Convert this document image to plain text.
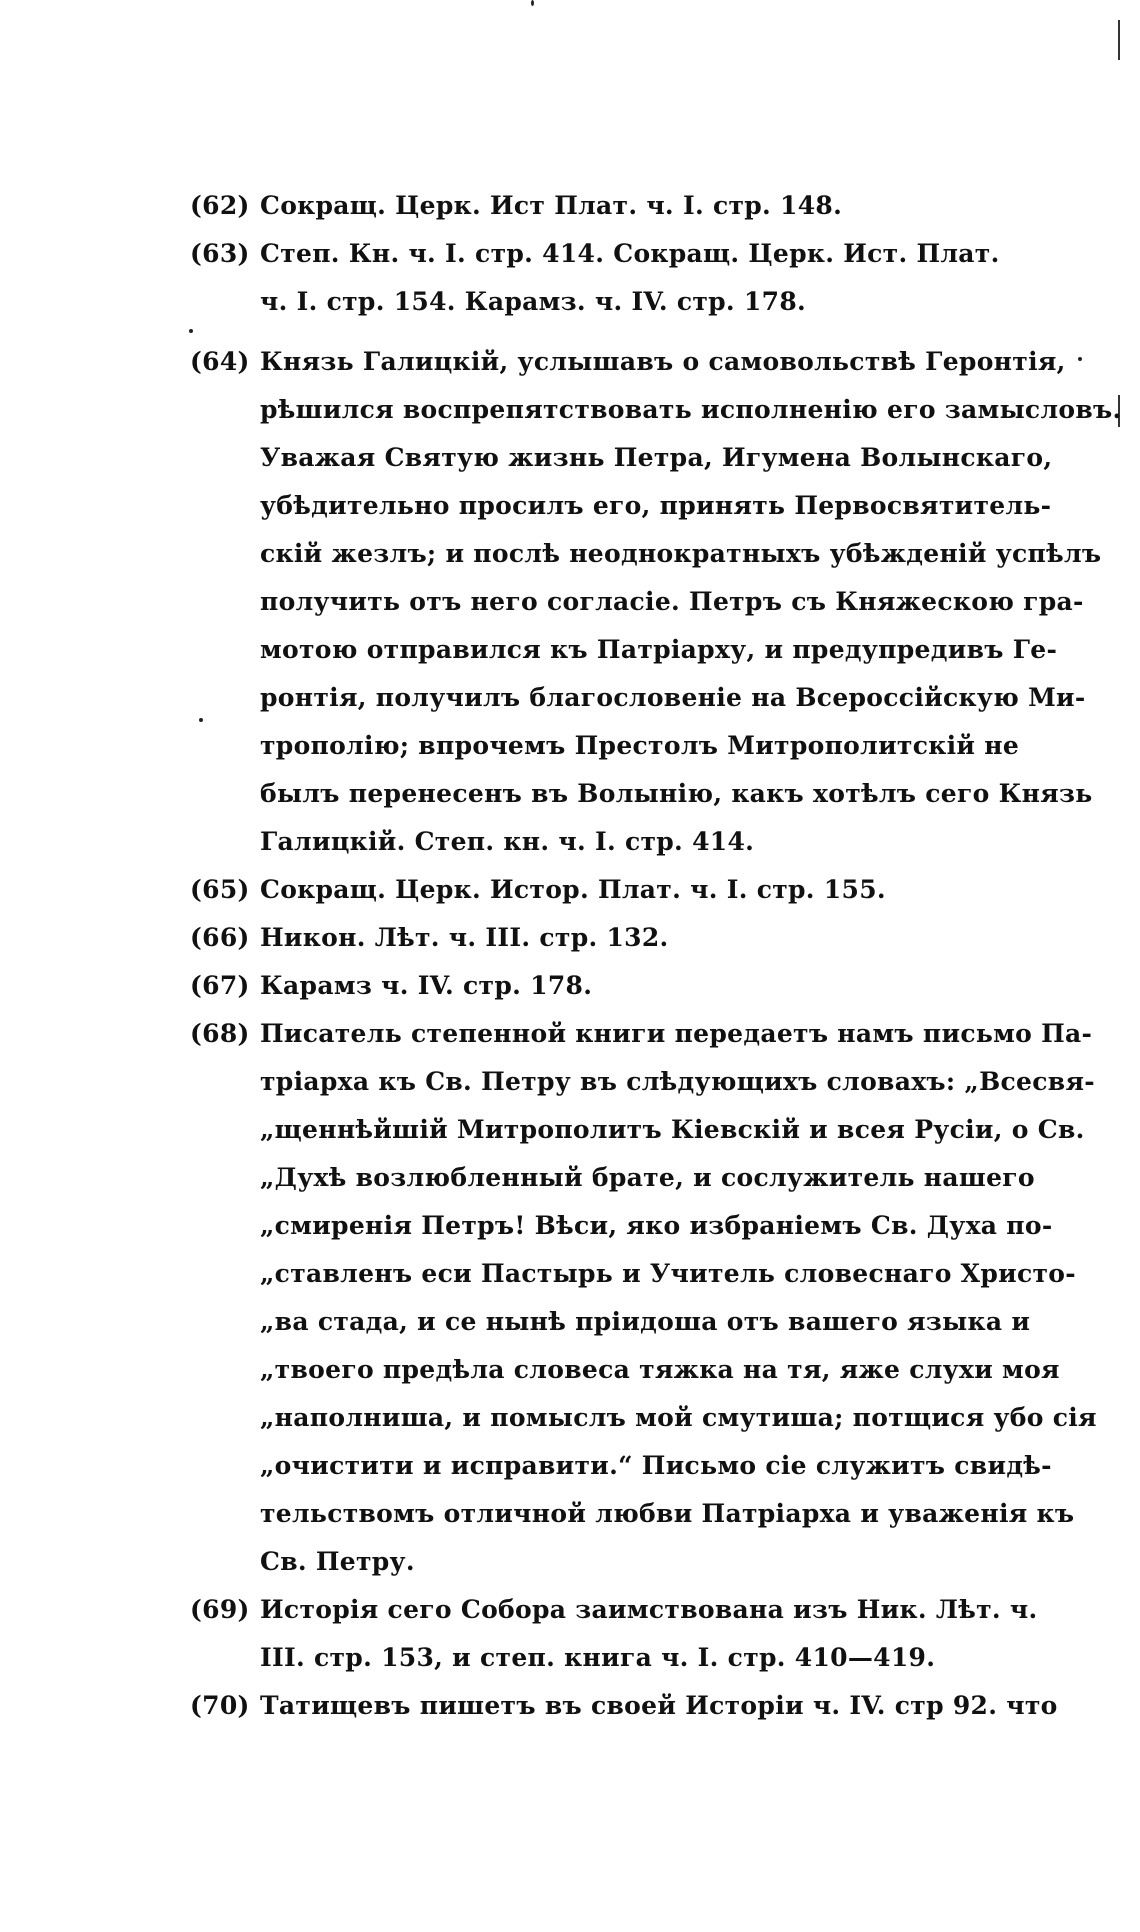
(62) Сокращ. Церк. Ист Плат. ч. I. стр. 148.
(63) Степ. Кн. ч. I. стр. 414. Сокращ. Церк. Ист. Плат.
ч. I. стр. 154. Карамз. ч. IV. стр. 178.
(64) Князь Галицкій, услышавъ о самовольствѣ Геронтія,
рѣшился воспрепятствовать исполненію его замысловъ.
Уважая Святую жизнь Петра, Игумена Волынскаго,
убѣдительно просилъ его, принять Первосвятитель-
скій жезлъ; и послѣ неоднократныхъ убѣжденій успѣлъ
получить отъ него согласіе. Петръ съ Княжескою гра-
мотою отправился къ Патріарху, и предупредивъ Ге-
ронтія, получилъ благословеніе на Всероссійскую Ми-
трополію; впрочемъ Престолъ Митрополитскій не
былъ перенесенъ въ Волынію, какъ хотѣлъ сего Князь
Галицкій. Степ. кн. ч. I. стр. 414.
(65) Сокращ. Церк. Истор. Плат. ч. I. стр. 155.
(66) Никон. Лѣт. ч. III. стр. 132.
(67) Карамз ч. IV. стр. 178.
(68) Писатель степенной книги передаетъ намъ письмо Па-
тріарха къ Св. Петру въ слѣдующихъ словахъ: „Всесвя-
„щеннѣйшій Митрополитъ Кіевскій и всея Русіи, о Св.
„Духѣ возлюбленный брате, и сослужитель нашего
„смиренія Петръ! Вѣси, яко избраніемъ Св. Духа по-
„ставленъ еси Пастырь и Учитель словеснаго Христо-
„ва стада, и се нынѣ прiидоша отъ вашего языка и
„твоего предѣла словеса тяжка на тя, яже слухи моя
„наполниша, и помыслъ мой смутиша; потщися убо сія
„очистити и исправити.“ Письмо сіе служитъ свидѣ-
тельствомъ отличной любви Патріарха и уваженія къ
Св. Петру.
(69) Исторія сего Собора заимствована изъ Ник. Лѣт. ч.
III. стр. 153, и степ. книга ч. I. стр. 410—419.
(70) Татищевъ пишетъ въ своей Исторіи ч. IV. стр 92. что
